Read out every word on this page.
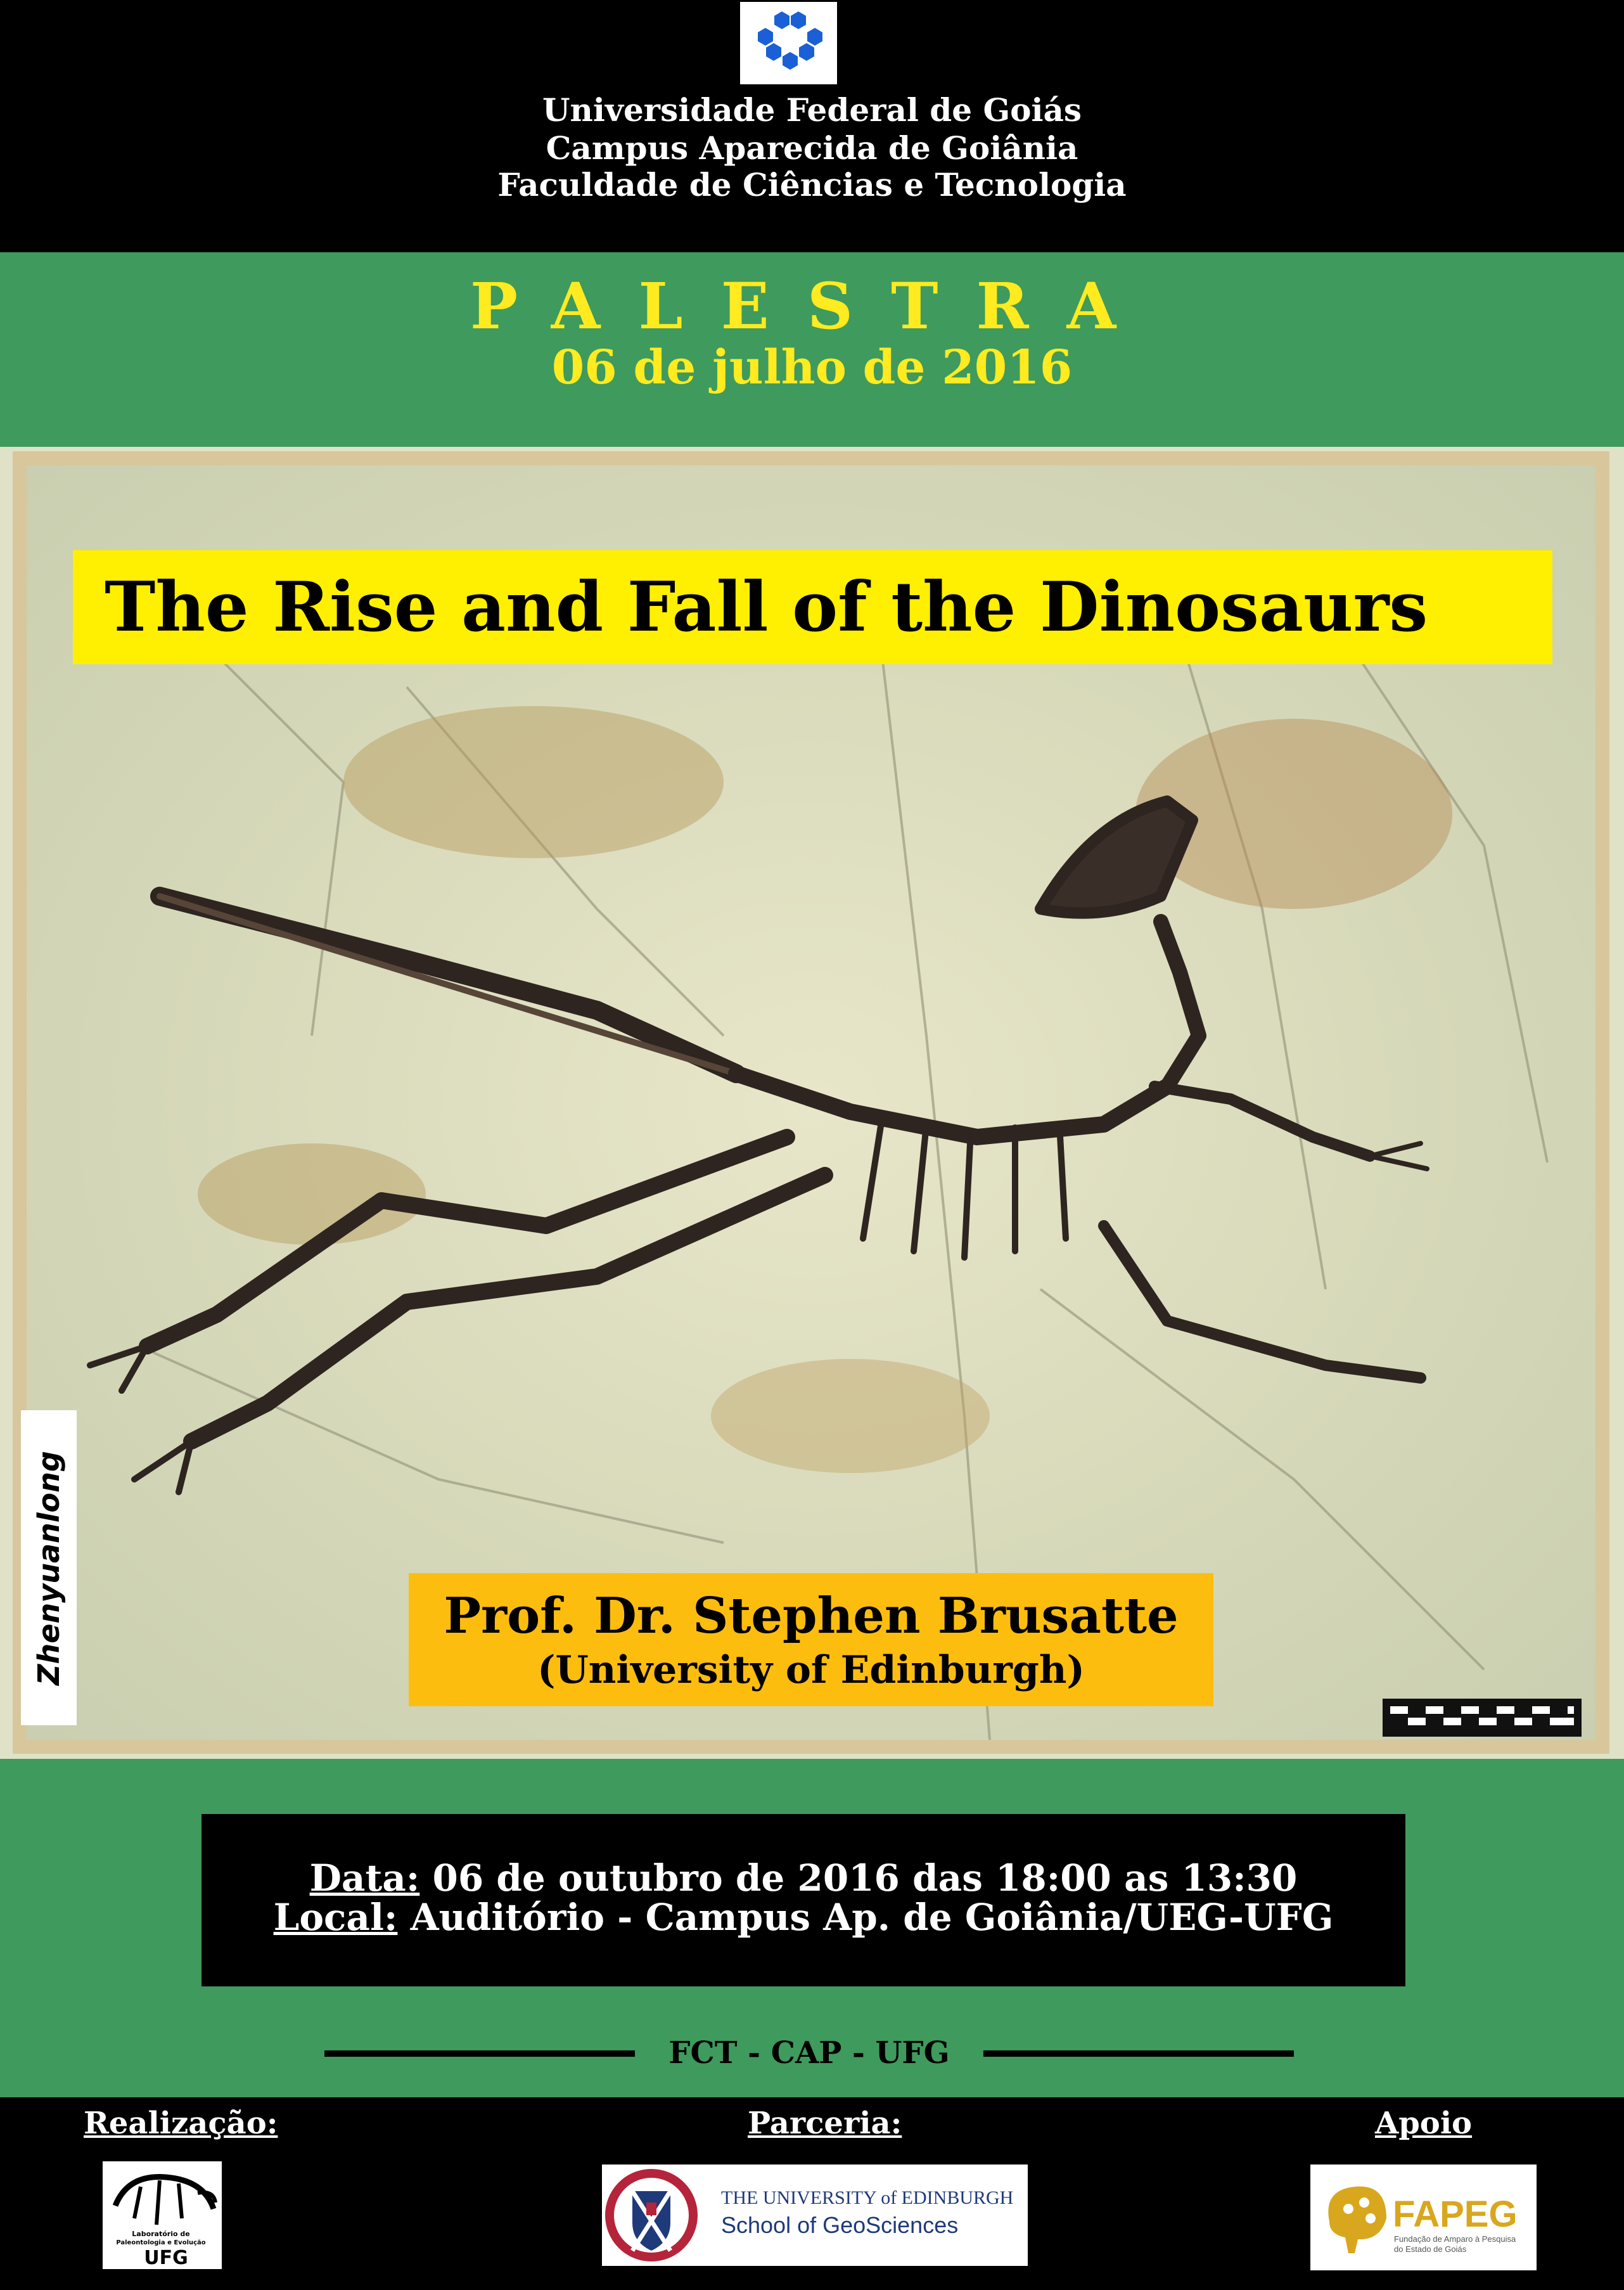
Universidade Federal de Goiás
Campus Aparecida de Goiânia
Faculdade de Ciências e Tecnologia
PALESTRA
06 de julho de 2016
The Rise and Fall of the Dinosaurs
Zhenyuanlong	Prof. Dr. Stephen Brusatte
(University of Edinburgh)
Data: 06 de outubro de 2016 das 18:00 as 13:30
Local: Auditório - Campus Ap. de Goiânia/UEG-UFG
FCT - CAP - UFG
Realização:	Parceria:	Apoio
Laboratório de
Paleontologia e Evolução
UFG
THE UNIVERSITY of EDINBURGH
School of GeoSciences	FAPEG
Fundação de Amparo à Pesquisa
do Estado de Goiás
